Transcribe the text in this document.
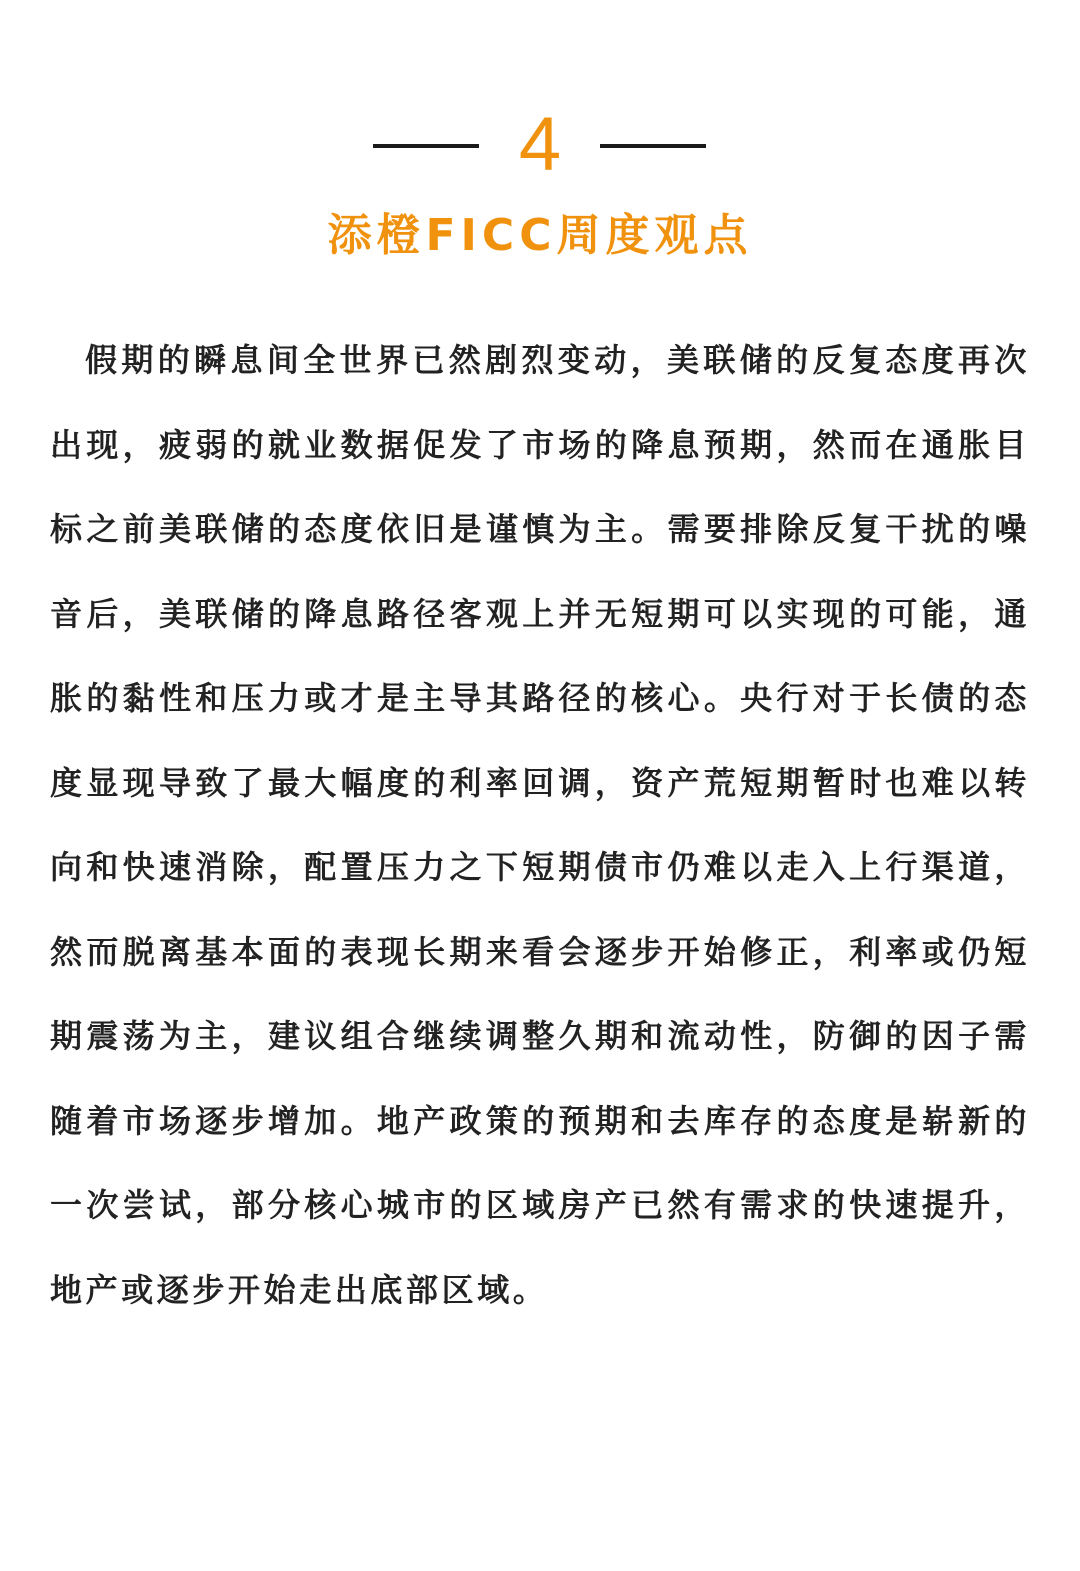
4
添橙FICC周度观点

假期的瞬息间全世界已然剧烈变动，美联储的反复态度再次出现，疲弱的就业数据促发了市场的降息预期，然而在通胀目标之前美联储的态度依旧是谨慎为主。需要排除反复干扰的噪音后，美联储的降息路径客观上并无短期可以实现的可能，通胀的黏性和压力或才是主导其路径的核心。央行对于长债的态度显现导致了最大幅度的利率回调，资产荒短期暂时也难以转向和快速消除，配置压力之下短期债市仍难以走入上行渠道，然而脱离基本面的表现长期来看会逐步开始修正，利率或仍短期震荡为主，建议组合继续调整久期和流动性，防御的因子需随着市场逐步增加。地产政策的预期和去库存的态度是崭新的一次尝试，部分核心城市的区域房产已然有需求的快速提升，地产或逐步开始走出底部区域。
